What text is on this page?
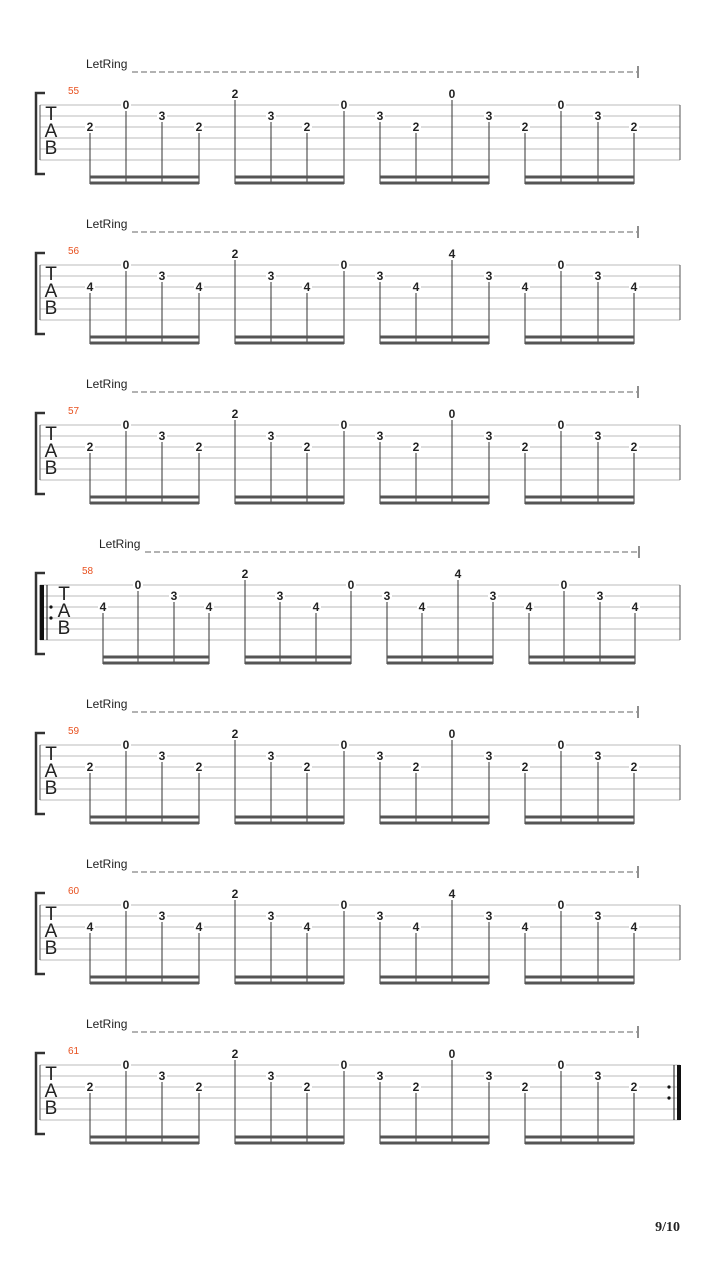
LetRing
T
A
B
55
2
0
3
2
2
3
2
0
3
2
0
3
2
0
3
2
LetRing
T
A
B
56
4
0
3
4
2
3
4
0
3
4
4
3
4
0
3
4
LetRing
T
A
B
57
2
0
3
2
2
3
2
0
3
2
0
3
2
0
3
2
LetRing
T
A
B
58
4
0
3
4
2
3
4
0
3
4
4
3
4
0
3
4
LetRing
T
A
B
59
2
0
3
2
2
3
2
0
3
2
0
3
2
0
3
2
LetRing
T
A
B
60
4
0
3
4
2
3
4
0
3
4
4
3
4
0
3
4
LetRing
T
A
B
61
2
0
3
2
2
3
2
0
3
2
0
3
2
0
3
2
9/10
